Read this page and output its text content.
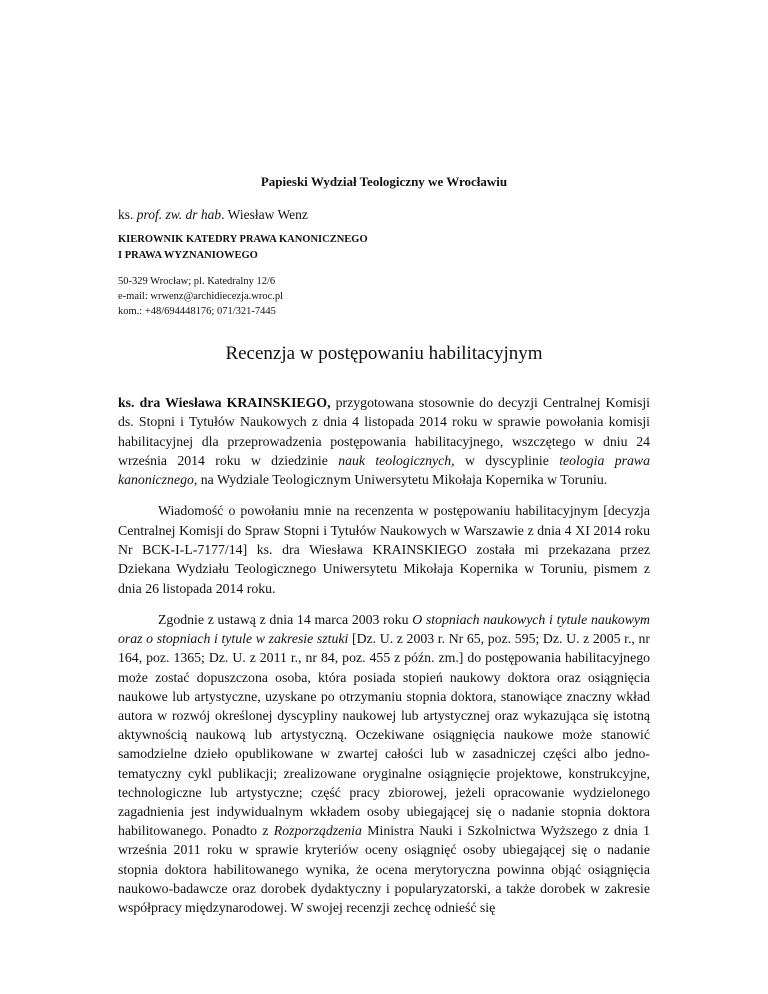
Papieski Wydział Teologiczny we Wrocławiu
ks. prof. zw. dr hab. Wiesław Wenz
KIEROWNIK KATEDRY PRAWA KANONICZNEGO
I PRAWA WYZNANIOWEGO
50-329 Wrocław; pl. Katedralny 12/6
e-mail: wrwenz@archidiecezja.wroc.pl
kom.: +48/694448176; 071/321-7445
Recenzja w postępowaniu habilitacyjnym

ks. dra Wiesława KRAINSKIEGO, przygotowana stosownie do decyzji Centralnej Komisji ds. Stopni i Tytułów Naukowych z dnia 4 listopada 2014 roku w sprawie powołania komisji habilitacyjnej dla przeprowadzenia postępowania habilitacyjnego, wszczętego w dniu 24 września 2014 roku w dziedzinie nauk teologicznych, w dyscyplinie teologia prawa kanonicznego, na Wydziale Teologicznym Uniwersytetu Mikołaja Kopernika w Toruniu.

Wiadomość o powołaniu mnie na recenzenta w postępowaniu habilitacyjnym [decyzja Centralnej Komisji do Spraw Stopni i Tytułów Naukowych w Warszawie z dnia 4 XI 2014 roku Nr BCK-I-L-7177/14] ks. dra Wiesława KRAINSKIEGO została mi przekazana przez Dziekana Wydziału Teologicznego Uniwersytetu Mikołaja Kopernika w Toruniu, pismem z dnia 26 listopada 2014 roku.

Zgodnie z ustawą z dnia 14 marca 2003 roku O stopniach naukowych i tytule naukowym oraz o stopniach i tytule w zakresie sztuki [Dz. U. z 2003 r. Nr 65, poz. 595; Dz. U. z 2005 r., nr 164, poz. 1365; Dz. U. z 2011 r., nr 84, poz. 455 z późn. zm.] do postępowania habilitacyjnego może zostać dopuszczona osoba, która posiada stopień naukowy doktora oraz osiągnięcia naukowe lub artystyczne, uzyskane po otrzymaniu stopnia doktora, stanowiące znaczny wkład autora w rozwój określonej dyscypliny naukowej lub artystycznej oraz wykazująca się istotną aktywnością naukową lub artystyczną. Oczekiwane osiągnięcia naukowe może stanowić samodzielne dzieło opublikowane w zwartej całości lub w zasadniczej części albo jedno-tematyczny cykl publikacji; zrealizowane oryginalne osiągnięcie projektowe, konstrukcyjne, technologiczne lub artystyczne; część pracy zbiorowej, jeżeli opracowanie wydzielonego zagadnienia jest indywidualnym wkładem osoby ubiegającej się o nadanie stopnia doktora habilitowanego. Ponadto z Rozporządzenia Ministra Nauki i Szkolnictwa Wyższego z dnia 1 września 2011 roku w sprawie kryteriów oceny osiągnięć osoby ubiegającej się o nadanie stopnia doktora habilitowanego wynika, że ocena merytoryczna powinna objąć osiągnięcia naukowo-badawcze oraz dorobek dydaktyczny i popularyzatorski, a także dorobek w zakresie współpracy międzynarodowej. W swojej recenzji zechcę odnieść się
